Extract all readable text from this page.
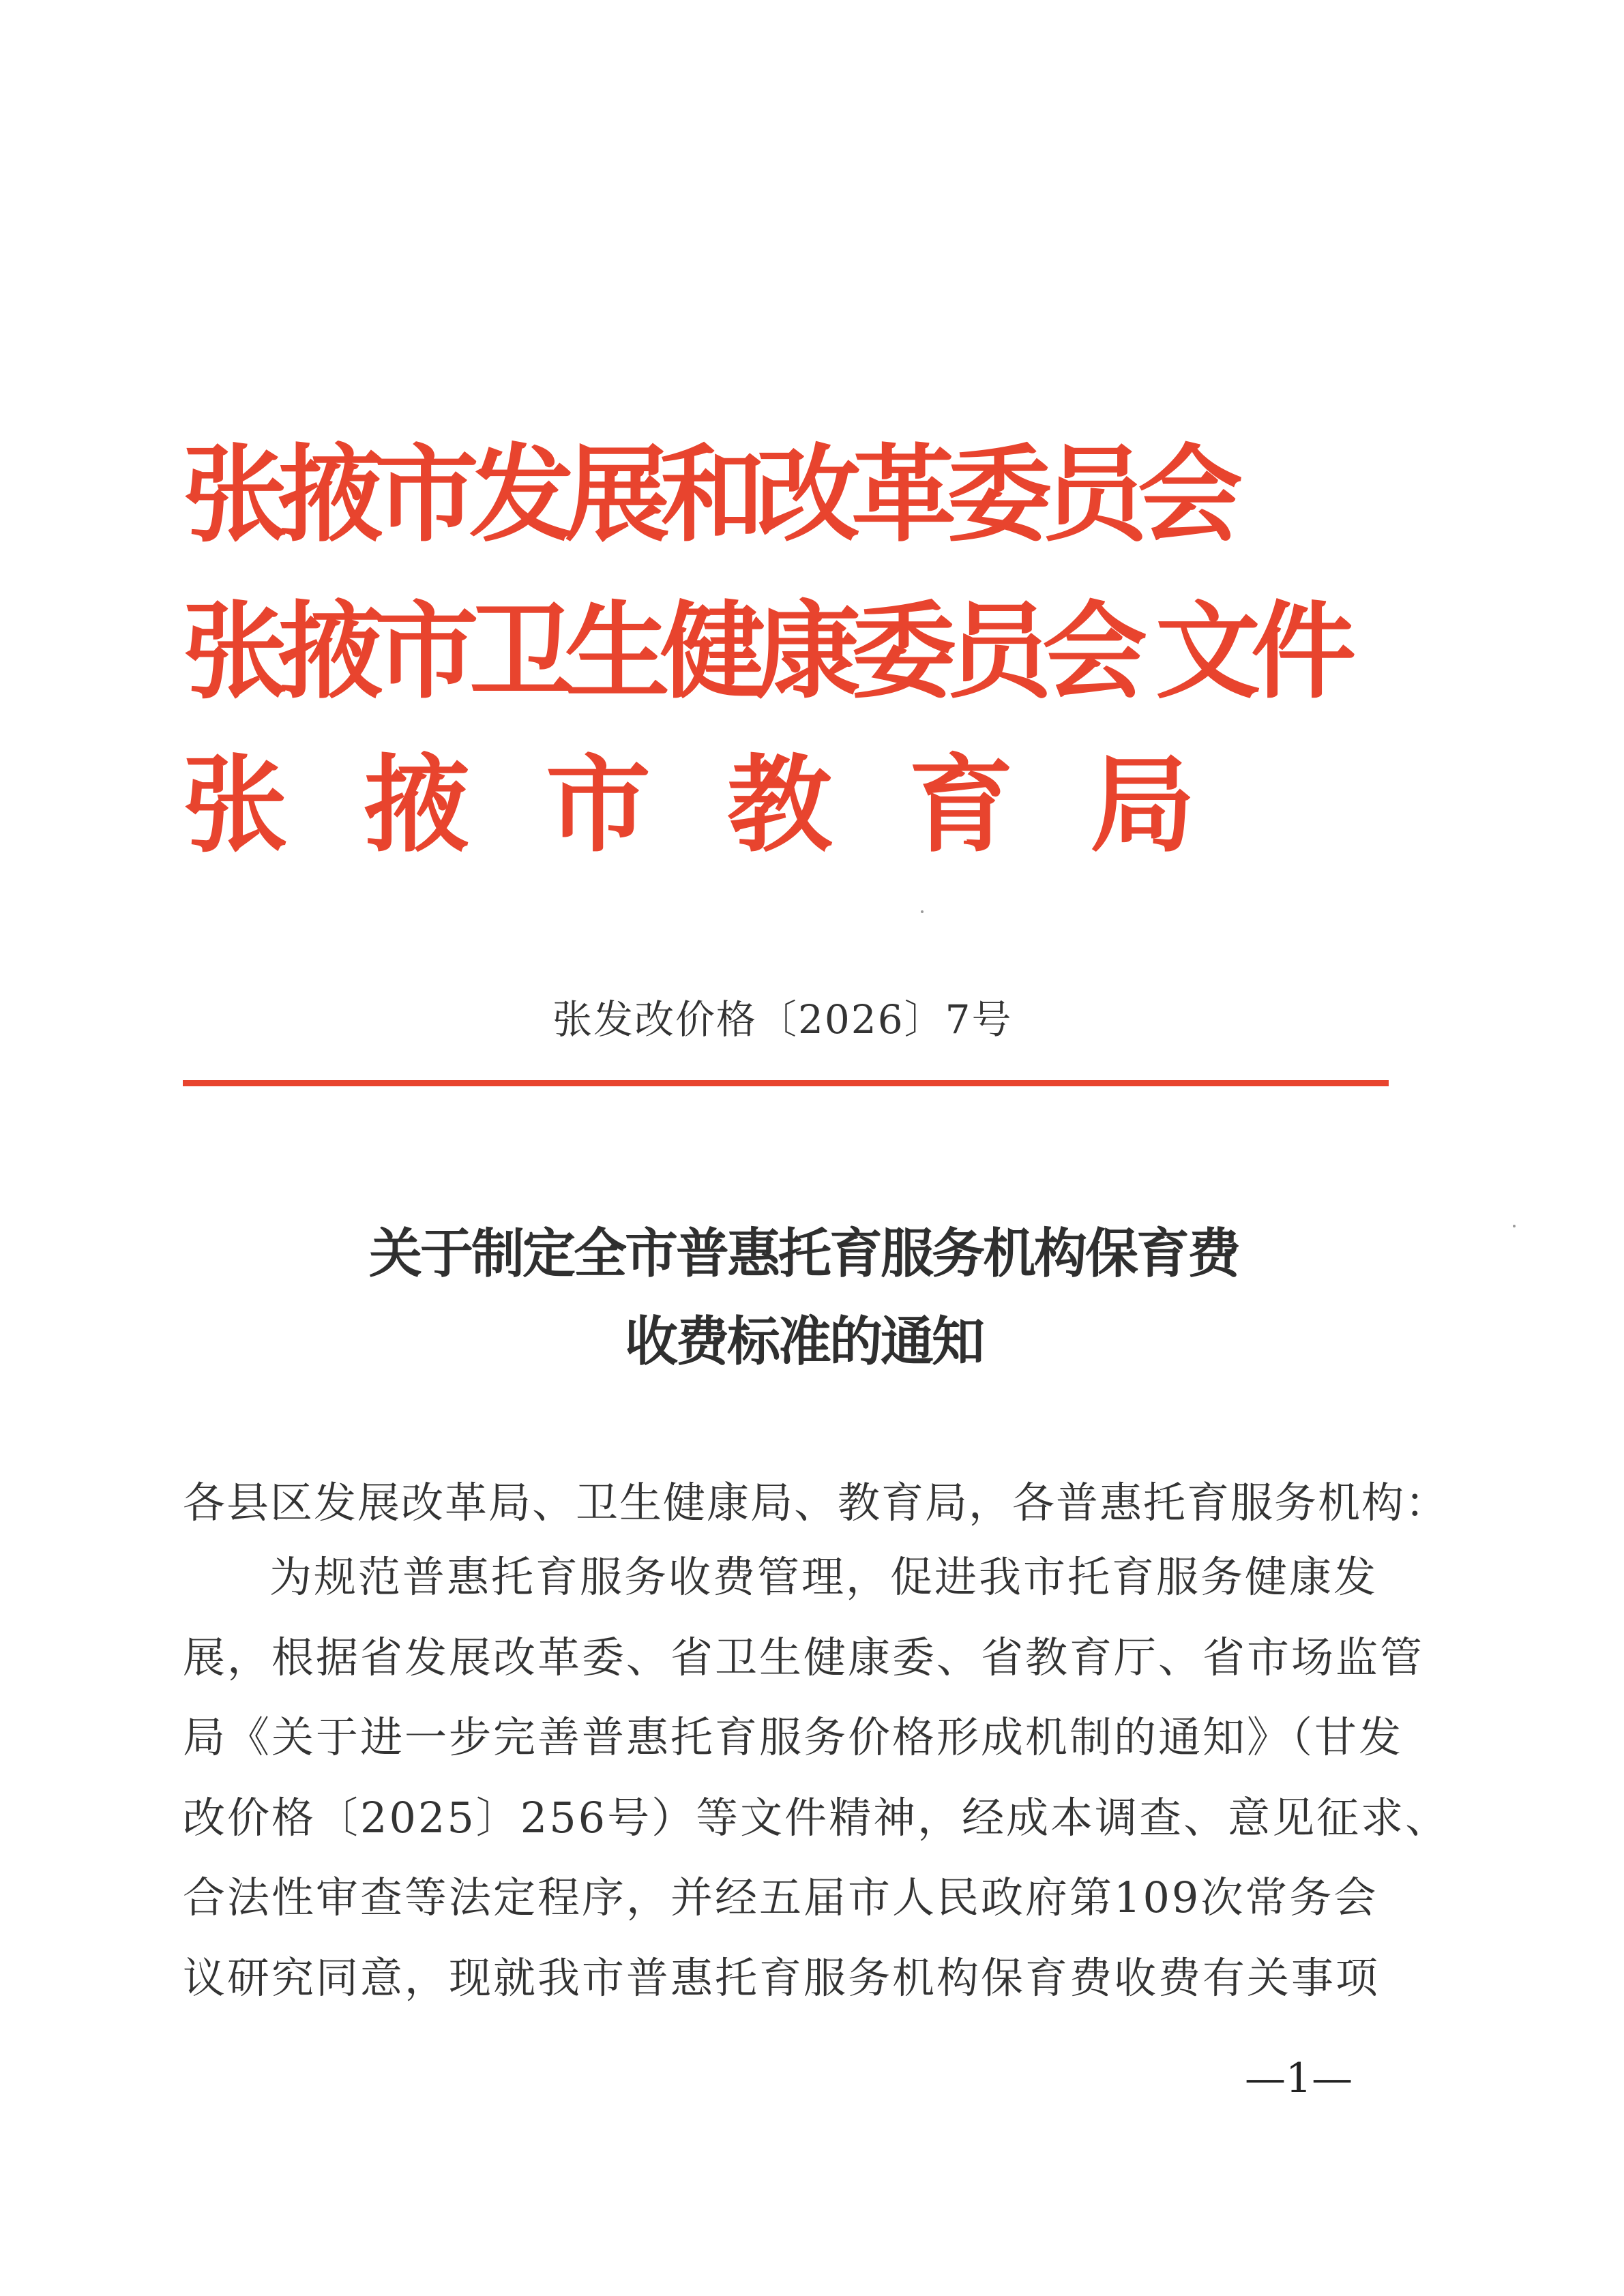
张掖市发展和改革委员会
张掖市卫生健康委员会 文件
张 掖 市 教 育 局
张发改价格〔2026〕7号
关于制定全市普惠托育服务机构保育费
收费标准的通知
各县区发展改革局、卫生健康局、教育局，各普惠托育服务机构：
为规范普惠托育服务收费管理，促进我市托育服务健康发
展，根据省发展改革委、省卫生健康委、省教育厅、省市场监管
局《关于进一步完善普惠托育服务价格形成机制的通知》（甘发
改价格〔2025〕256号）等文件精神，经成本调查、意见征求、
合法性审查等法定程序，并经五届市人民政府第109次常务会
议研究同意，现就我市普惠托育服务机构保育费收费有关事项
—1—
